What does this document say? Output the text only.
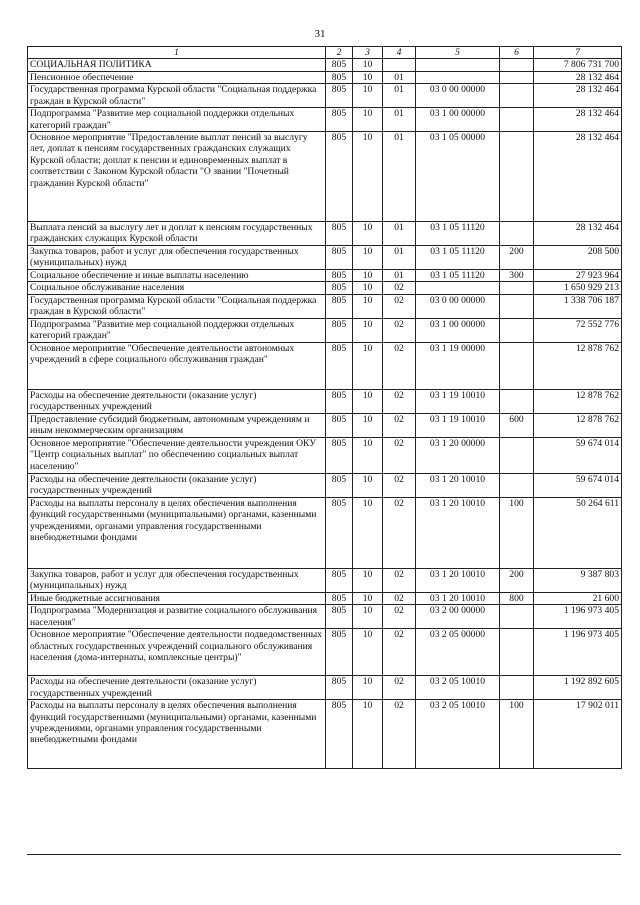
31
1	2	3	4	5	6	7
СОЦИАЛЬНАЯ ПОЛИТИКА	805	10				7 806 731 700
Пенсионное обеспечение	805	10	01			28 132 464
Государственная программа Курской области "Социальная поддержка граждан в Курской области"	805	10	01	03 0 00 00000		28 132 464
Подпрограмма "Развитие мер социальной поддержки отдельных категорий граждан"	805	10	01	03 1 00 00000		28 132 464
Основное мероприятие "Предоставление выплат пенсий за выслугу лет, доплат к пенсиям государственных гражданских служащих Курской области; доплат к пенсии и единовременных выплат в соответствии с Законом Курской области "О звании "Почетный гражданин Курской области"	805	10	01	03 1 05 00000		28 132 464
Выплата пенсий за выслугу лет и доплат к пенсиям государственных гражданских служащих Курской области	805	10	01	03 1 05 11120		28 132 464
Закупка товаров, работ и услуг для обеспечения государственных (муниципальных) нужд	805	10	01	03 1 05 11120	200	208 500
Социальное обеспечение и иные выплаты населению	805	10	01	03 1 05 11120	300	27 923 964
Социальное обслуживание населения	805	10	02			1 650 929 213
Государственная программа Курской области "Социальная поддержка граждан в Курской области"	805	10	02	03 0 00 00000		1 338 706 187
Подпрограмма "Развитие мер социальной поддержки отдельных категорий граждан"	805	10	02	03 1 00 00000		72 552 776
Основное мероприятие "Обеспечение деятельности автономных учреждений в сфере социального обслуживания граждан"	805	10	02	03 1 19 00000		12 878 762
Расходы на обеспечение деятельности (оказание услуг) государственных учреждений	805	10	02	03 1 19 10010		12 878 762
Предоставление субсидий бюджетным, автономным учреждениям и иным некоммерческим организациям	805	10	02	03 1 19 10010	600	12 878 762
Основное мероприятие "Обеспечение деятельности учреждения ОКУ "Центр социальных выплат" по обеспечению социальных выплат населению"	805	10	02	03 1 20 00000		59 674 014
Расходы на обеспечение деятельности (оказание услуг) государственных учреждений	805	10	02	03 1 20 10010		59 674 014
Расходы на выплаты персоналу в целях обеспечения выполнения функций государственными (муниципальными) органами, казенными учреждениями, органами управления государственными внебюджетными фондами	805	10	02	03 1 20 10010	100	50 264 611
Закупка товаров, работ и услуг для обеспечения государственных (муниципальных) нужд	805	10	02	03 1 20 10010	200	9 387 803
Иные бюджетные ассигнования	805	10	02	03 1 20 10010	800	21 600
Подпрограмма "Модернизация и развитие социального обслуживания населения"	805	10	02	03 2 00 00000		1 196 973 405
Основное мероприятие "Обеспечение деятельности подведомственных областных государственных учреждений социального обслуживания населения (дома-интернаты, комплексные центры)"	805	10	02	03 2 05 00000		1 196 973 405
Расходы на обеспечение деятельности (оказание услуг) государственных учреждений	805	10	02	03 2 05 10010		1 192 892 605
Расходы на выплаты персоналу в целях обеспечения выполнения функций государственными (муниципальными) органами, казенными учреждениями, органами управления государственными внебюджетными фондами	805	10	02	03 2 05 10010	100	17 902 011
